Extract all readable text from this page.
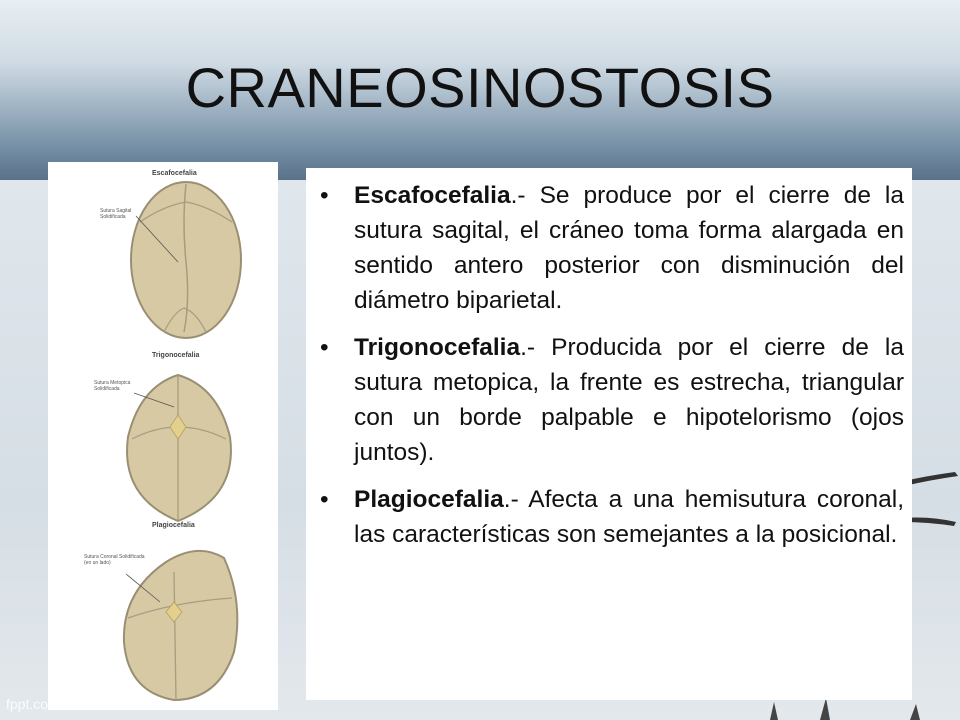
CRANEOSINOSTOSIS
Escafocefalia
Sutura Sagital
Solidificada
Trigonocefalia
Sutura Metopica
Solidificada
Plagiocefalia
Sutura Coronal Solidificada
(en un lado)
• Escafocefalia.- Se produce por el cierre de la sutura sagital, el cráneo toma forma alargada en sentido antero posterior con disminución del diámetro biparietal.
• Trigonocefalia.- Producida por el cierre de la sutura metopica, la frente es estrecha, triangular con un borde palpable e hipotelorismo (ojos juntos).
• Plagiocefalia.- Afecta a una hemisutura coronal, las características son semejantes a la posicional.
fppt.com
